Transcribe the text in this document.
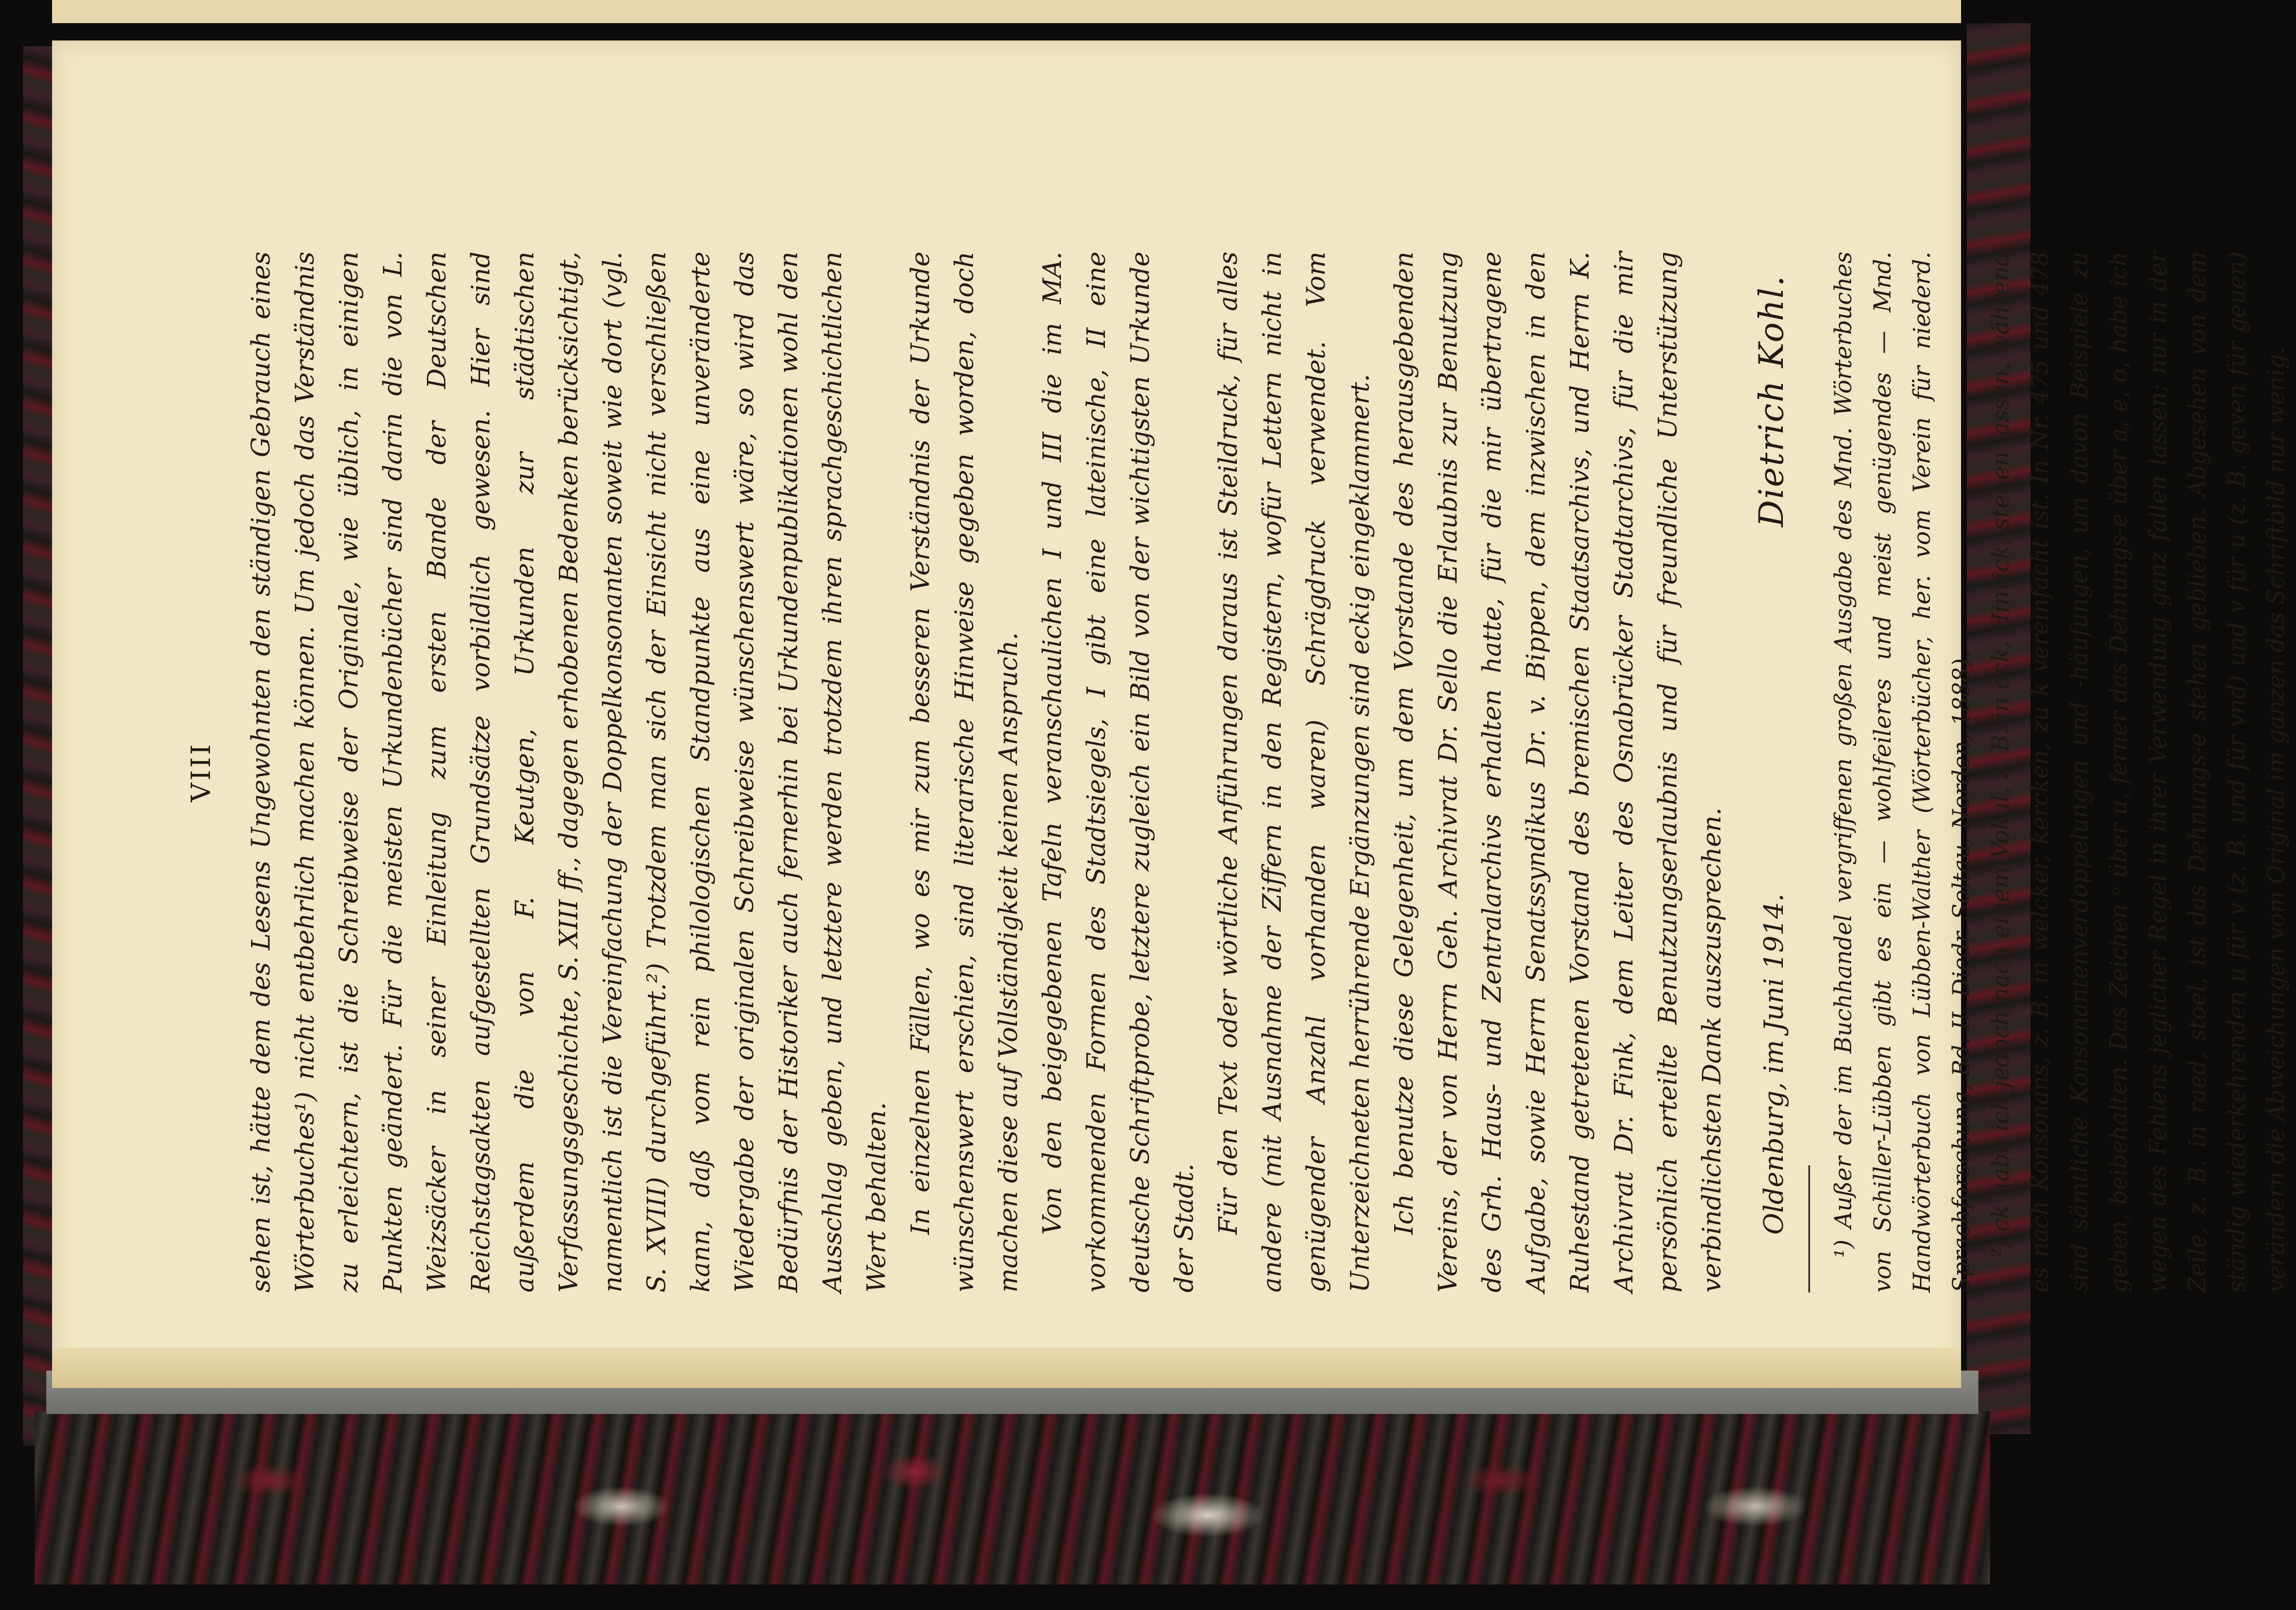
VIII sehen ist, hätte dem des Lesens Ungewohnten den ständigen Gebrauch eines Wörterbuches¹) nicht entbehrlich machen können. Um jedoch das Verständnis zu erleichtern, ist die Schreibweise der Originale, wie üblich, in einigen Punkten geändert. Für die meisten Urkundenbücher sind darin die von L. Weizsäcker in seiner Einleitung zum ersten Bande der Deutschen Reichstagsakten aufgestellten Grundsätze vorbildlich gewesen. Hier sind außerdem die von F. Keutgen, Urkunden zur städtischen Verfassungsgeschichte, S. XIII ff., dagegen erhobenen Bedenken berücksichtigt, namentlich ist die Vereinfachung der Doppelkonsonanten soweit wie dort (vgl. S. XVIII) durchgeführt.²) Trotzdem man sich der Einsicht nicht verschließen kann, daß vom rein philologischen Standpunkte aus eine unveränderte Wiedergabe der originalen Schreibweise wünschenswert wäre, so wird das Bedürfnis der Historiker auch fernerhin bei Urkundenpublikationen wohl den Ausschlag geben, und letztere werden trotzdem ihren sprachgeschichtlichen Wert behalten. In einzelnen Fällen, wo es mir zum besseren Verständnis der Urkunde wünschenswert erschien, sind literarische Hinweise gegeben worden, doch machen diese auf Vollständigkeit keinen Anspruch. Von den beigegebenen Tafeln veranschaulichen I und III die im MA. vorkommenden Formen des Stadtsiegels, I gibt eine lateinische, II eine deutsche Schriftprobe, letztere zugleich ein Bild von der wichtigsten Urkunde der Stadt. Für den Text oder wörtliche Anführungen daraus ist Steildruck, für alles andere (mit Ausnahme der Ziffern in den Registern, wofür Lettern nicht in genügender Anzahl vorhanden waren) Schrägdruck verwendet. Vom Unterzeichneten herrührende Ergänzungen sind eckig eingeklammert. Ich benutze diese Gelegenheit, um dem Vorstande des herausgebenden Vereins, der von Herrn Geh. Archivrat Dr. Sello die Erlaubnis zur Benutzung des Grh. Haus- und Zentralarchivs erhalten hatte, für die mir übertragene Aufgabe, sowie Herrn Senatssyndikus Dr. v. Bippen, dem inzwischen in den Ruhestand getretenen Vorstand des bremischen Staatsarchivs, und Herrn K. Archivrat Dr. Fink, dem Leiter des Osnabrücker Stadtarchivs, für die mir persönlich erteilte Benutzungserlaubnis und für freundliche Unterstützung verbindlichsten Dank auszusprechen. Oldenburg, im Juni 1914.
Dietrich Kohl. ¹) Außer der im Buchhandel vergriffenen großen Ausgabe des Mnd. Wörterbuches von Schiller-Lübben gibt es ein — wohlfeileres und meist genügendes — Mnd. Handwörterbuch von Lübben-Walther (Wörterbücher, her. vom Verein für niederd. Sprachforschung, Bd. II. Diedr. Soltau, Norden, 1888). ²) ck habe ich jedoch nach einem Vokal, z. B. in ock, Hinrick, stehen lassen, während es nach Konsonans, z. B. in welcker, kercken, zu k vereinfacht ist. In Nr. 475 und 478 sind sämtliche Konsonantenverdoppelungen und -häufungen, um davon Beispiele zu geben, beibehalten. Das Zeichen ᵒ über u, ferner das Dehnungs-e über a, e, o, habe ich wegen des Fehlens jeglicher Regel in ihrer Verwendung ganz fallen lassen; nur in der Zeile, z. B. in raed, stoel, ist das Dehnungs-e stehen geblieben. Abgesehen von dem ständig wiederkehrenden u für v (z. B. und für vnd) und v für u (z. B. geven für geuen) verändern die Abweichungen vom Original im ganzen das Schriftbild nur wenig.
